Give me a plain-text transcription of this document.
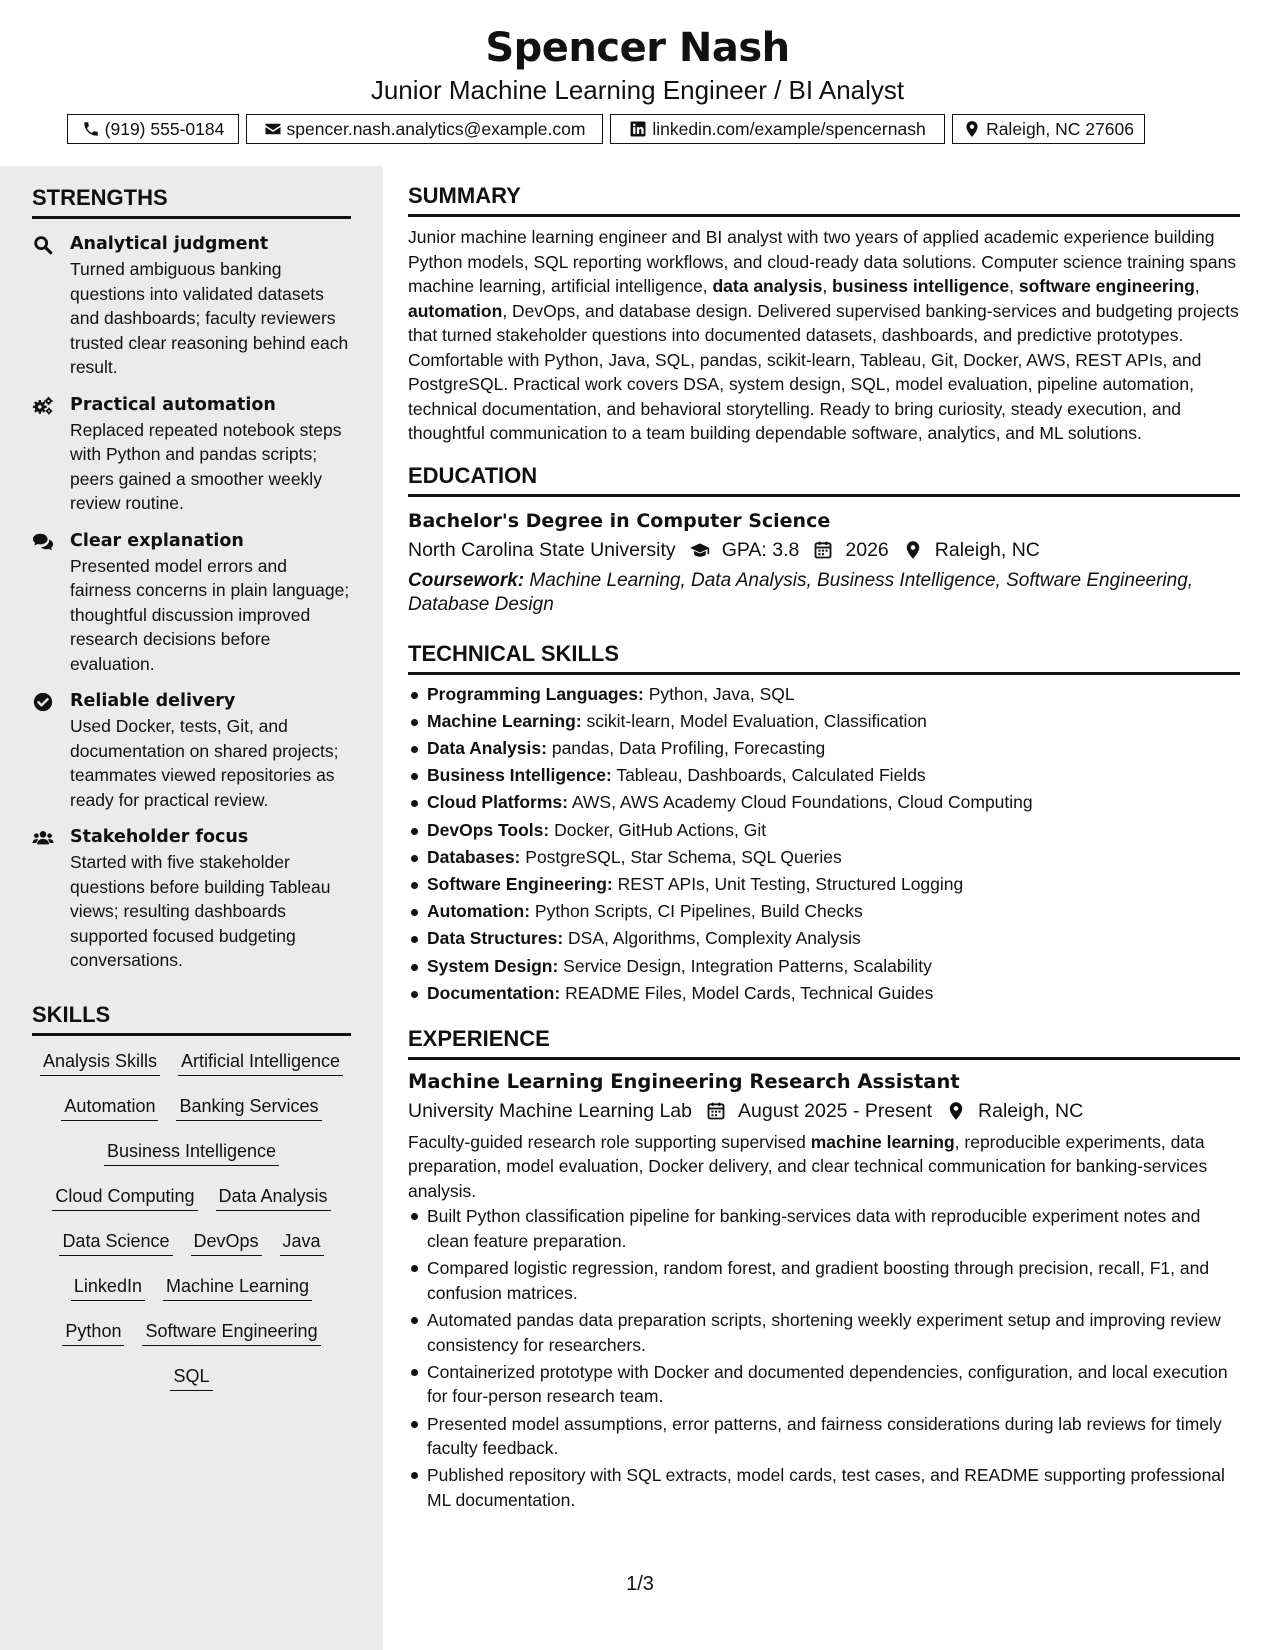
Spencer Nash
Junior Machine Learning Engineer / BI Analyst
(919) 555-0184	spencer.nash.analytics@example.com	linkedin.com/example/spencernash	Raleigh, NC 27606
STRENGTHS
Analytical judgment
Turned ambiguous banking questions into validated datasets and dashboards; faculty reviewers trusted clear reasoning behind each result.
Practical automation
Replaced repeated notebook steps with Python and pandas scripts; peers gained a smoother weekly review routine.
Clear explanation
Presented model errors and fairness concerns in plain language; thoughtful discussion improved research decisions before evaluation.
Reliable delivery
Used Docker, tests, Git, and documentation on shared projects; teammates viewed repositories as ready for practical review.
Stakeholder focus
Started with five stakeholder questions before building Tableau views; resulting dashboards supported focused budgeting conversations.
SKILLS
Analysis Skills Artificial Intelligence
Automation Banking Services
Business Intelligence
Cloud Computing Data Analysis
Data Science DevOps Java
LinkedIn Machine Learning
Python Software Engineering
SQL
SUMMARY

Junior machine learning engineer and BI analyst with two years of applied academic experience building Python models, SQL reporting workflows, and cloud-ready data solutions. Computer science training spans machine learning, artificial intelligence, data analysis, business intelligence, software engineering, automation, DevOps, and database design. Delivered supervised banking-services and budgeting projects that turned stakeholder questions into documented datasets, dashboards, and predictive prototypes. Comfortable with Python, Java, SQL, pandas, scikit-learn, Tableau, Git, Docker, AWS, REST APIs, and PostgreSQL. Practical work covers DSA, system design, SQL, model evaluation, pipeline automation, technical documentation, and behavioral storytelling. Ready to bring curiosity, steady execution, and thoughtful communication to a team building dependable software, analytics, and ML solutions.

EDUCATION
Bachelor's Degree in Computer Science
North Carolina State University GPA: 3.8 2026 Raleigh, NC

Coursework: Machine Learning, Data Analysis, Business Intelligence, Software Engineering, Database Design

TECHNICAL SKILLS
Programming Languages: Python, Java, SQL
Machine Learning: scikit-learn, Model Evaluation, Classification
Data Analysis: pandas, Data Profiling, Forecasting
Business Intelligence: Tableau, Dashboards, Calculated Fields
Cloud Platforms: AWS, AWS Academy Cloud Foundations, Cloud Computing
DevOps Tools: Docker, GitHub Actions, Git
Databases: PostgreSQL, Star Schema, SQL Queries
Software Engineering: REST APIs, Unit Testing, Structured Logging
Automation: Python Scripts, CI Pipelines, Build Checks
Data Structures: DSA, Algorithms, Complexity Analysis
System Design: Service Design, Integration Patterns, Scalability
Documentation: README Files, Model Cards, Technical Guides
EXPERIENCE
Machine Learning Engineering Research Assistant
University Machine Learning Lab August 2025 - Present Raleigh, NC

Faculty-guided research role supporting supervised machine learning, reproducible experiments, data preparation, model evaluation, Docker delivery, and clear technical communication for banking-services analysis.

Built Python classification pipeline for banking-services data with reproducible experiment notes and clean feature preparation.
Compared logistic regression, random forest, and gradient boosting through precision, recall, F1, and confusion matrices.
Automated pandas data preparation scripts, shortening weekly experiment setup and improving review consistency for researchers.
Containerized prototype with Docker and documented dependencies, configuration, and local execution for four-person research team.
Presented model assumptions, error patterns, and fairness considerations during lab reviews for timely faculty feedback.
Published repository with SQL extracts, model cards, test cases, and README supporting professional ML documentation.
1/3
